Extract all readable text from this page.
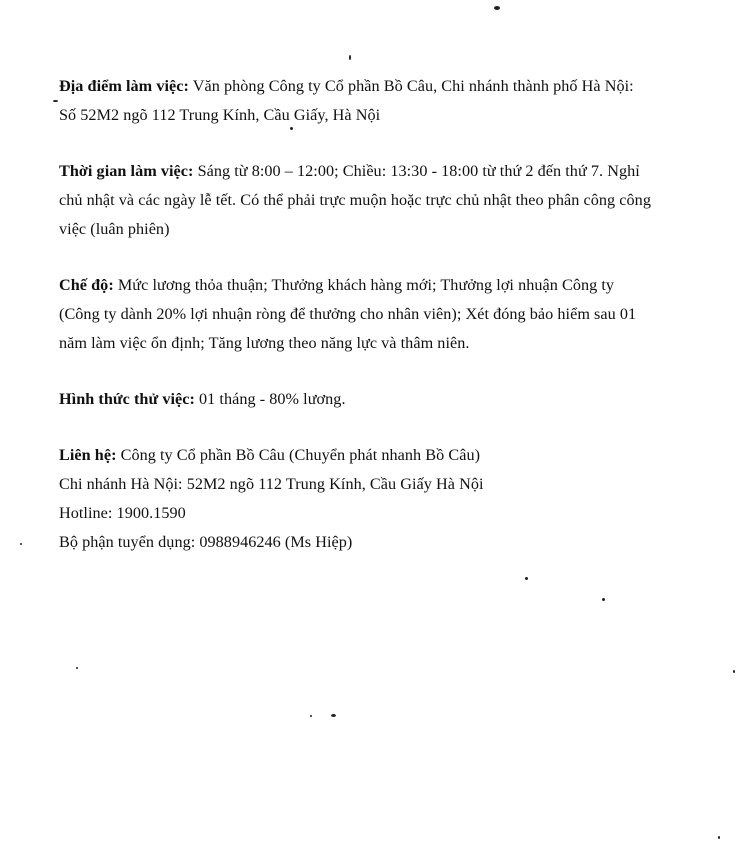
Địa điểm làm việc: Văn phòng Công ty Cổ phần Bồ Câu, Chi nhánh thành phố Hà Nội:
Số 52M2 ngõ 112 Trung Kính, Cầu Giấy, Hà Nội
Thời gian làm việc: Sáng từ 8:00 – 12:00; Chiều: 13:30 - 18:00 từ thứ 2 đến thứ 7. Nghỉ
chủ nhật và các ngày lễ tết. Có thể phải trực muộn hoặc trực chủ nhật theo phân công công
việc (luân phiên)
Chế độ: Mức lương thỏa thuận; Thưởng khách hàng mới; Thưởng lợi nhuận Công ty
(Công ty dành 20% lợi nhuận ròng để thưởng cho nhân viên); Xét đóng bảo hiểm sau 01
năm làm việc ổn định; Tăng lương theo năng lực và thâm niên.
Hình thức thử việc: 01 tháng - 80% lương.
Liên hệ: Công ty Cổ phần Bồ Câu (Chuyển phát nhanh Bồ Câu)
Chi nhánh Hà Nội: 52M2 ngõ 112 Trung Kính, Cầu Giấy Hà Nội
Hotline: 1900.1590
Bộ phận tuyển dụng: 0988946246 (Ms Hiệp)
